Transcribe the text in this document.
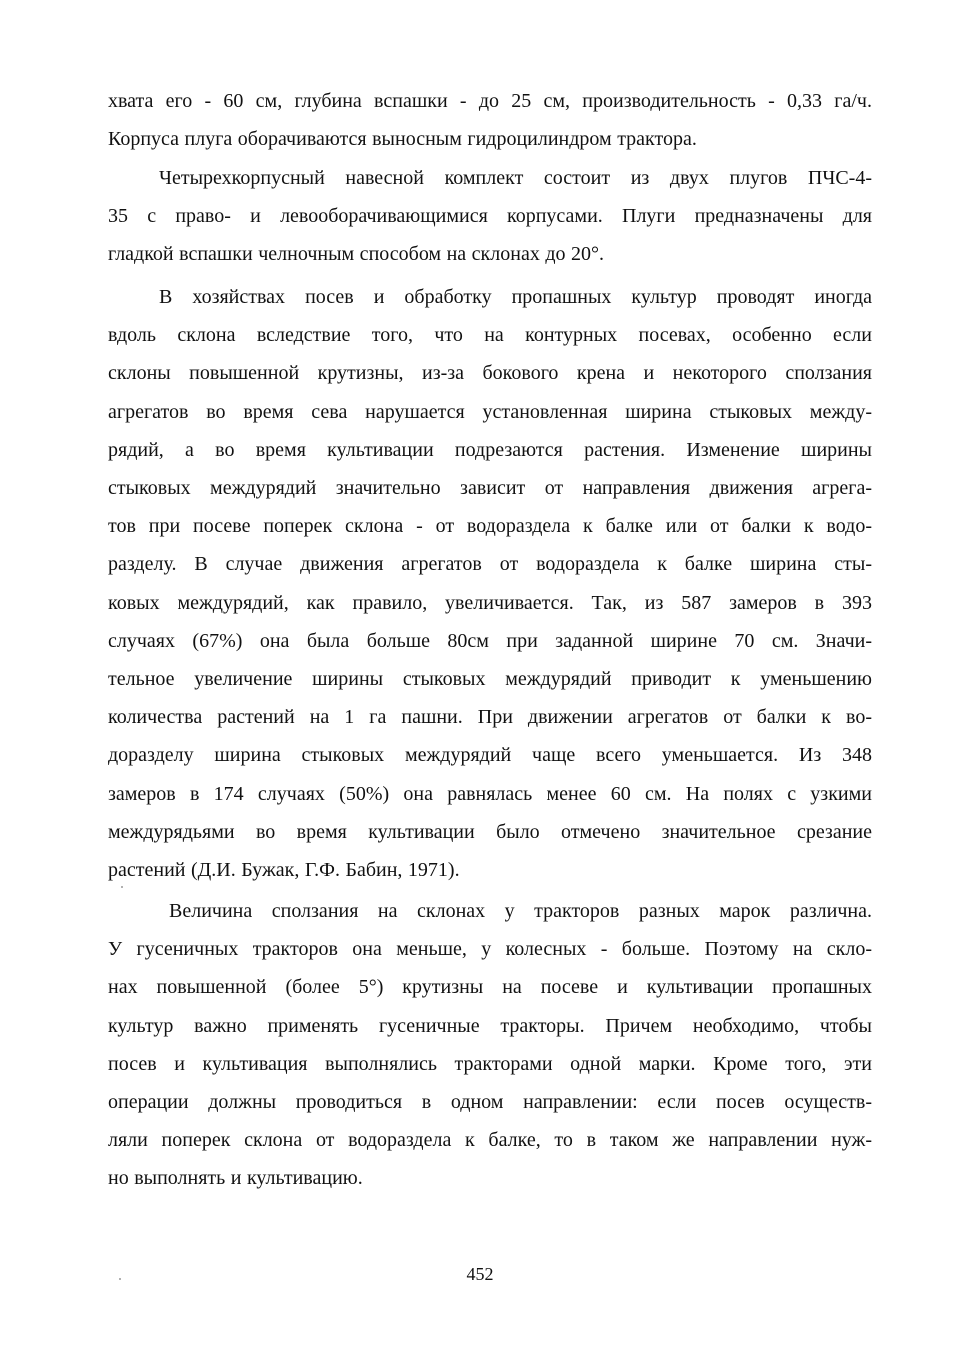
хвата его - 60 см, глубина вспашки - до 25 см, производительность - 0,33 га/ч.
Корпуса плуга оборачиваются выносным гидроцилиндром трактора.
Четырехкорпусный навесной комплект состоит из двух плугов ПЧС-4-
35 с право- и левооборачивающимися корпусами. Плуги предназначены для
гладкой вспашки челночным способом на склонах до 20°.
В хозяйствах посев и обработку пропашных культур проводят иногда
вдоль склона вследствие того, что на контурных посевах, особенно если
склоны повышенной крутизны, из-за бокового крена и некоторого сползания
агрегатов во время сева нарушается установленная ширина стыковых между-
рядий, а во время культивации подрезаются растения. Изменение ширины
стыковых междурядий значительно зависит от направления движения агрега-
тов при посеве поперек склона - от водораздела к балке или от балки к водо-
разделу. В случае движения агрегатов от водораздела к балке ширина сты-
ковых междурядий, как правило, увеличивается. Так, из 587 замеров в 393
случаях (67%) она была больше 80см при заданной ширине 70 см. Значи-
тельное увеличение ширины стыковых междурядий приводит к уменьшению
количества растений на 1 га пашни. При движении агрегатов от балки к во-
доразделу ширина стыковых междурядий чаще всего уменьшается. Из 348
замеров в 174 случаях (50%) она равнялась менее 60 см. На полях с узкими
междурядьями во время культивации было отмечено значительное срезание
растений (Д.И. Бужак, Г.Ф. Бабин, 1971).
Величина сползания на склонах у тракторов разных марок различна.
У гусеничных тракторов она меньше, у колесных - больше. Поэтому на скло-
нах повышенной (более 5°) крутизны на посеве и культивации пропашных
культур важно применять гусеничные тракторы. Причем необходимо, чтобы
посев и культивация выполнялись тракторами одной марки. Кроме того, эти
операции должны проводиться в одном направлении: если посев осуществ-
ляли поперек склона от водораздела к балке, то в таком же направлении нуж-
но выполнять и культивацию.
452
